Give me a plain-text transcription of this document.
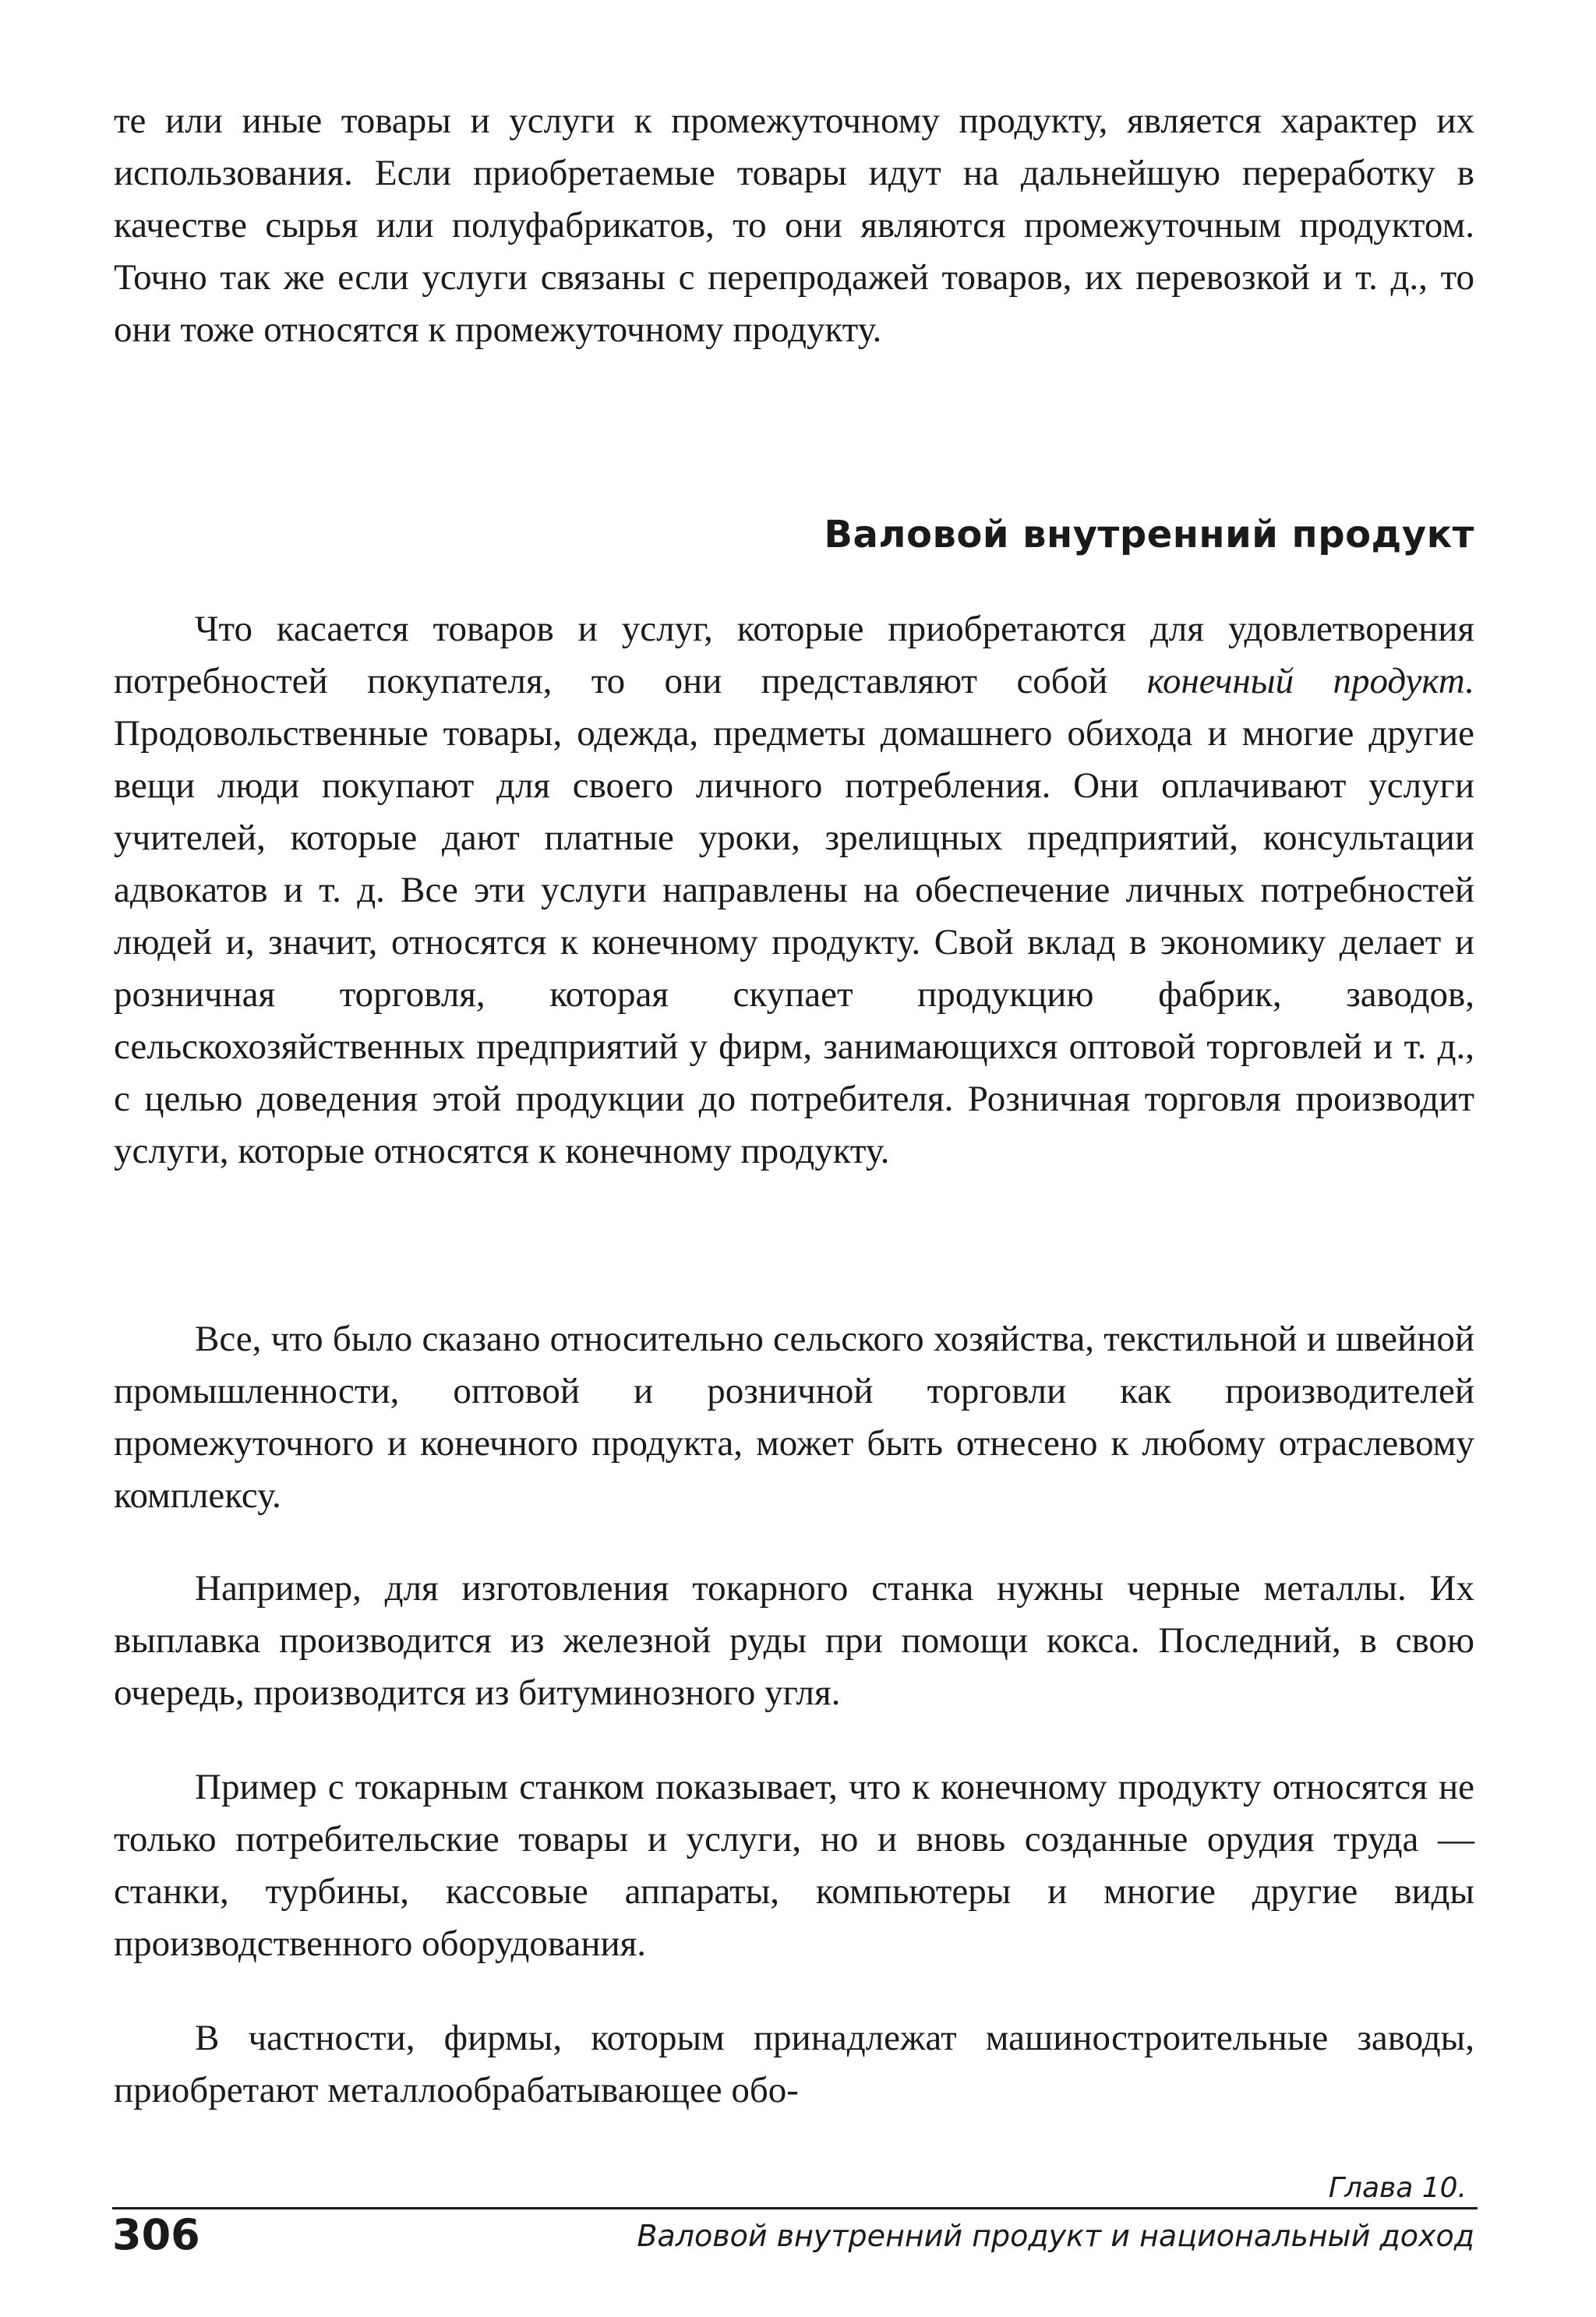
те или иные товары и услуги к промежуточному продукту, является характер их использования. Если приобретаемые товары идут на дальнейшую переработку в качестве сырья или полуфабрикатов, то они являются промежуточным продуктом. Точно так же если услуги связаны с перепродажей товаров, их перевозкой и т. д., то они тоже относятся к промежуточному продукту.

Валовой внутренний продукт

Что касается товаров и услуг, которые приобретаются для удовлетворения потребностей покупателя, то они представляют собой конечный продукт. Продовольственные товары, одежда, предметы домашнего обихода и многие другие вещи люди покупают для своего личного потребления. Они оплачивают услуги учителей, которые дают платные уроки, зрелищных предприятий, консультации адвокатов и т. д. Все эти услуги направлены на обеспечение личных потребностей людей и, значит, относятся к конечному продукту. Свой вклад в экономику делает и розничная торговля, которая скупает продукцию фабрик, заводов, сельскохозяйственных предприятий у фирм, занимающихся оптовой торговлей и т. д., с целью доведения этой продукции до потребителя. Розничная торговля производит услуги, которые относятся к конечному продукту.

Все, что было сказано относительно сельского хозяйства, текстильной и швейной промышленности, оптовой и розничной торговли как производителей промежуточного и конечного продукта, может быть отнесено к любому отраслевому комплексу.

Например, для изготовления токарного станка нужны черные металлы. Их выплавка производится из железной руды при помощи кокса. Последний, в свою очередь, производится из битуминозного угля.

Пример с токарным станком показывает, что к конечному продукту относятся не только потребительские товары и услуги, но и вновь созданные орудия труда — станки, турбины, кассовые аппараты, компьютеры и многие другие виды производственного оборудования.

В частности, фирмы, которым принадлежат машиностроительные заводы, приобретают металлообрабатывающее обо-

Глава 10.
306	Валовой внутренний продукт и национальный доход
